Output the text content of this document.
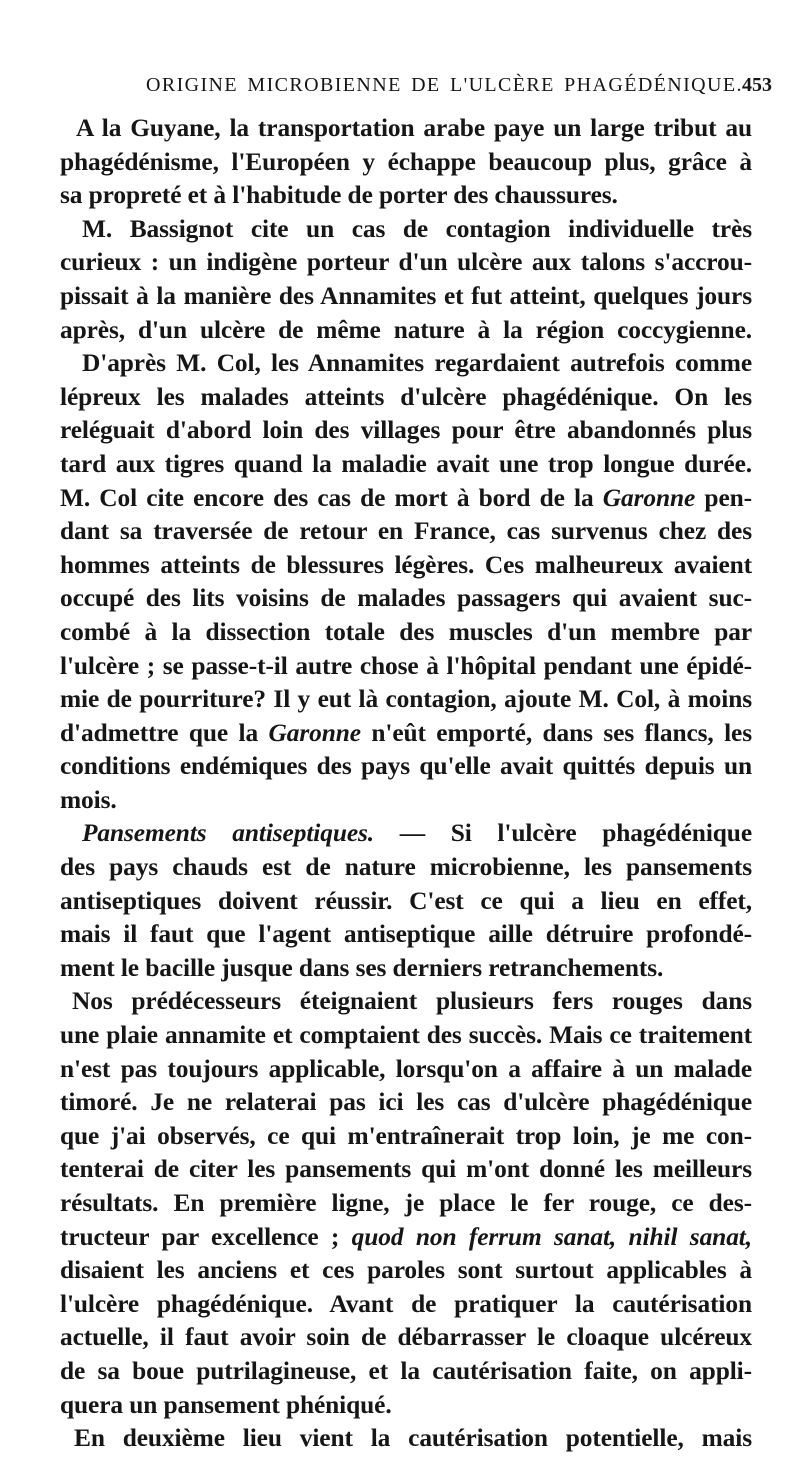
ORIGINE MICROBIENNE DE L'ULCÈRE PHAGÉDÉNIQUE. 453
A la Guyane, la transportation arabe paye un large tribut au
phagédénisme, l'Européen y échappe beaucoup plus, grâce à
sa propreté et à l'habitude de porter des chaussures.
M. Bassignot cite un cas de contagion individuelle très
curieux : un indigène porteur d'un ulcère aux talons s'accrou-
pissait à la manière des Annamites et fut atteint, quelques jours
après, d'un ulcère de même nature à la région coccygienne.
D'après M. Col, les Annamites regardaient autrefois comme
lépreux les malades atteints d'ulcère phagédénique. On les
reléguait d'abord loin des villages pour être abandonnés plus
tard aux tigres quand la maladie avait une trop longue durée.
M. Col cite encore des cas de mort à bord de la Garonne pen-
dant sa traversée de retour en France, cas survenus chez des
hommes atteints de blessures légères. Ces malheureux avaient
occupé des lits voisins de malades passagers qui avaient suc-
combé à la dissection totale des muscles d'un membre par
l'ulcère ; se passe-t-il autre chose à l'hôpital pendant une épidé-
mie de pourriture? Il y eut là contagion, ajoute M. Col, à moins
d'admettre que la Garonne n'eût emporté, dans ses flancs, les
conditions endémiques des pays qu'elle avait quittés depuis un
mois.
Pansements antiseptiques. — Si l'ulcère phagédénique
des pays chauds est de nature microbienne, les pansements
antiseptiques doivent réussir. C'est ce qui a lieu en effet,
mais il faut que l'agent antiseptique aille détruire profondé-
ment le bacille jusque dans ses derniers retranchements.
Nos prédécesseurs éteignaient plusieurs fers rouges dans
une plaie annamite et comptaient des succès. Mais ce traitement
n'est pas toujours applicable, lorsqu'on a affaire à un malade
timoré. Je ne relaterai pas ici les cas d'ulcère phagédénique
que j'ai observés, ce qui m'entraînerait trop loin, je me con-
tenterai de citer les pansements qui m'ont donné les meilleurs
résultats. En première ligne, je place le fer rouge, ce des-
tructeur par excellence ; quod non ferrum sanat, nihil sanat,
disaient les anciens et ces paroles sont surtout applicables à
l'ulcère phagédénique. Avant de pratiquer la cautérisation
actuelle, il faut avoir soin de débarrasser le cloaque ulcéreux
de sa boue putrilagineuse, et la cautérisation faite, on appli-
quera un pansement phéniqué.
En deuxième lieu vient la cautérisation potentielle, mais
